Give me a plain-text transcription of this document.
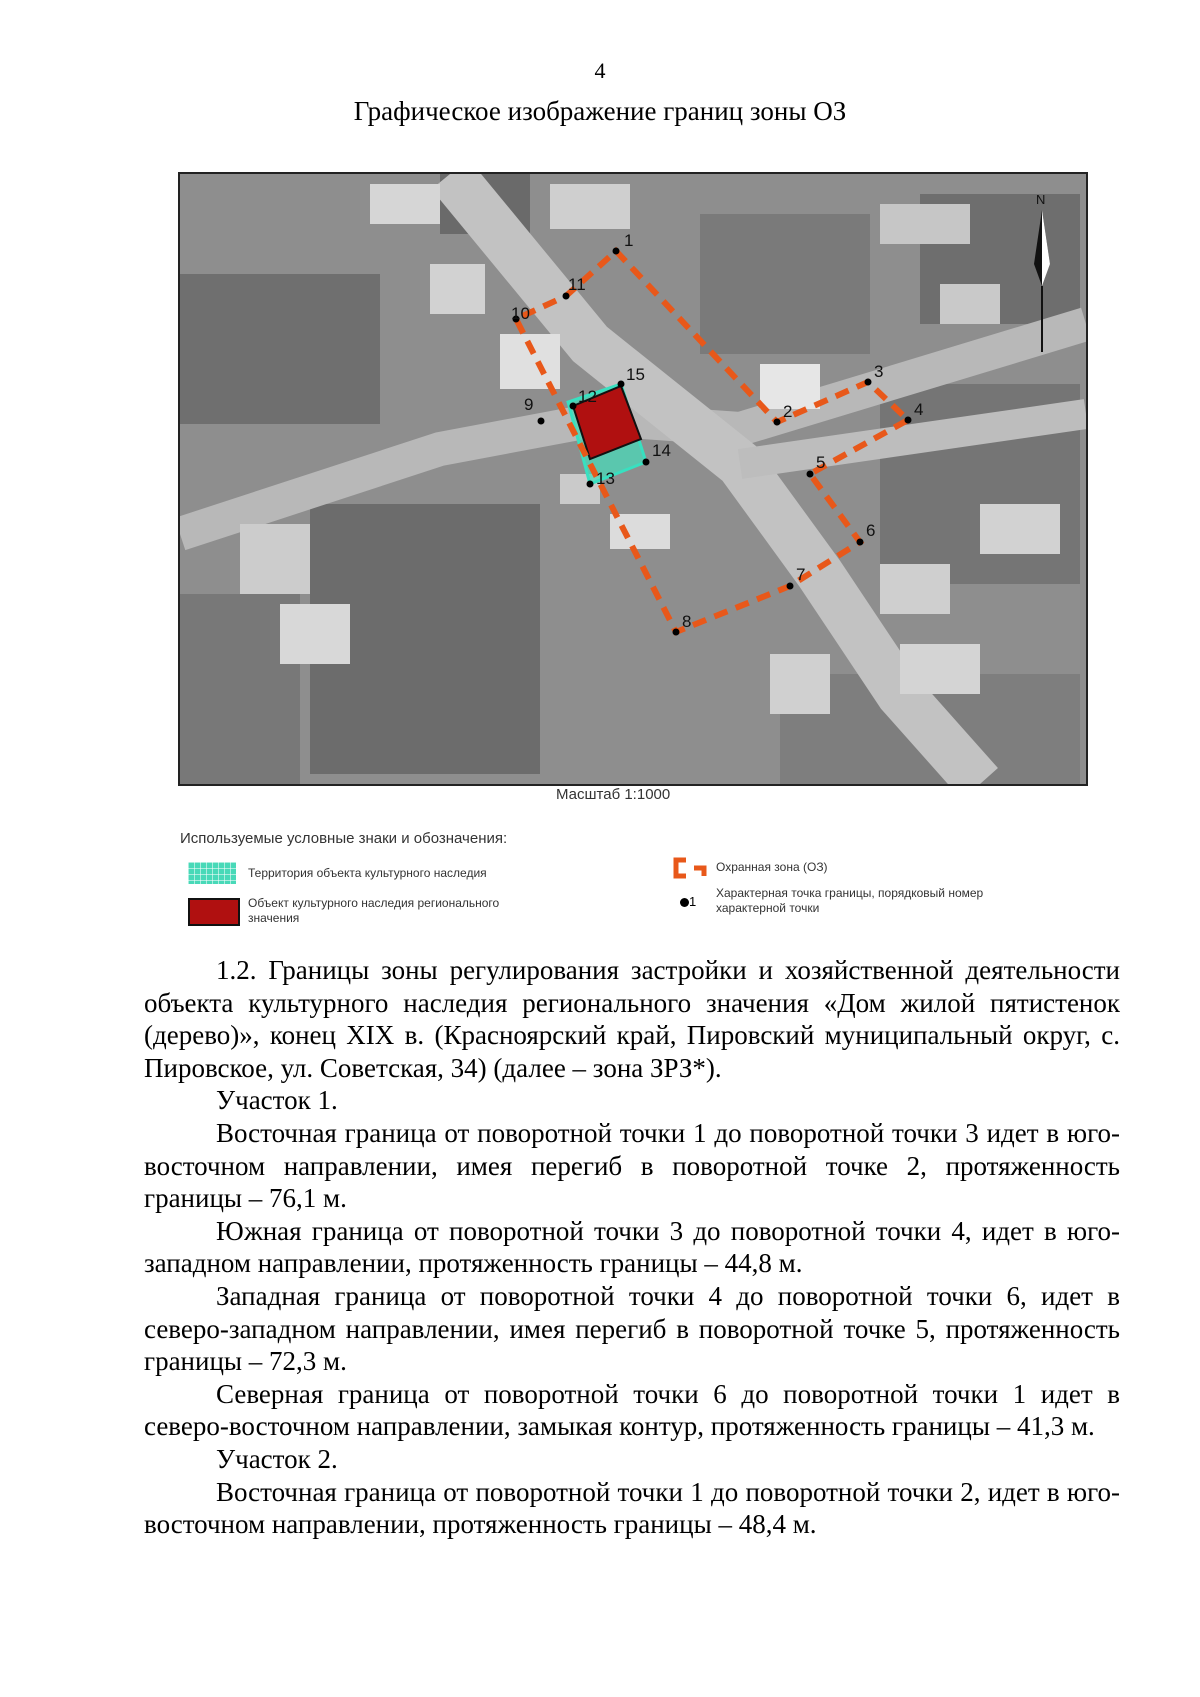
4
Графическое изображение границ зоны ОЗ
1
2
3
4
5
6
7
8
9
10
11
12
13
14
15
N
Масштаб 1:1000
Используемые условные знаки и обозначения:
Территория объекта культурного наследия
Объект культурного наследия регионального
значения
Охранная зона (ОЗ)
1
Характерная точка границы, порядковый номер
характерной точки

1.2. Границы зоны регулирования застройки и хозяйственной деятельности объекта культурного наследия регионального значения «Дом жилой пятистенок (дерево)», конец XIX в. (Красноярский край, Пировский муниципальный округ, с. Пировское, ул. Советская, 34) (далее – зона ЗРЗ*).

Участок 1.

Восточная граница от поворотной точки 1 до поворотной точки 3 идет в юго-восточном направлении, имея перегиб в поворотной точке 2, протяженность границы – 76,1 м.

Южная граница от поворотной точки 3 до поворотной точки 4, идет в юго-западном направлении, протяженность границы – 44,8 м.

Западная граница от поворотной точки 4 до поворотной точки 6, идет в северо-западном направлении, имея перегиб в поворотной точке 5, протяженность границы – 72,3 м.

Северная граница от поворотной точки 6 до поворотной точки 1 идет в северо-восточном направлении, замыкая контур, протяженность границы – 41,3 м.

Участок 2.

Восточная граница от поворотной точки 1 до поворотной точки 2, идет в юго-восточном направлении, протяженность границы – 48,4 м.
